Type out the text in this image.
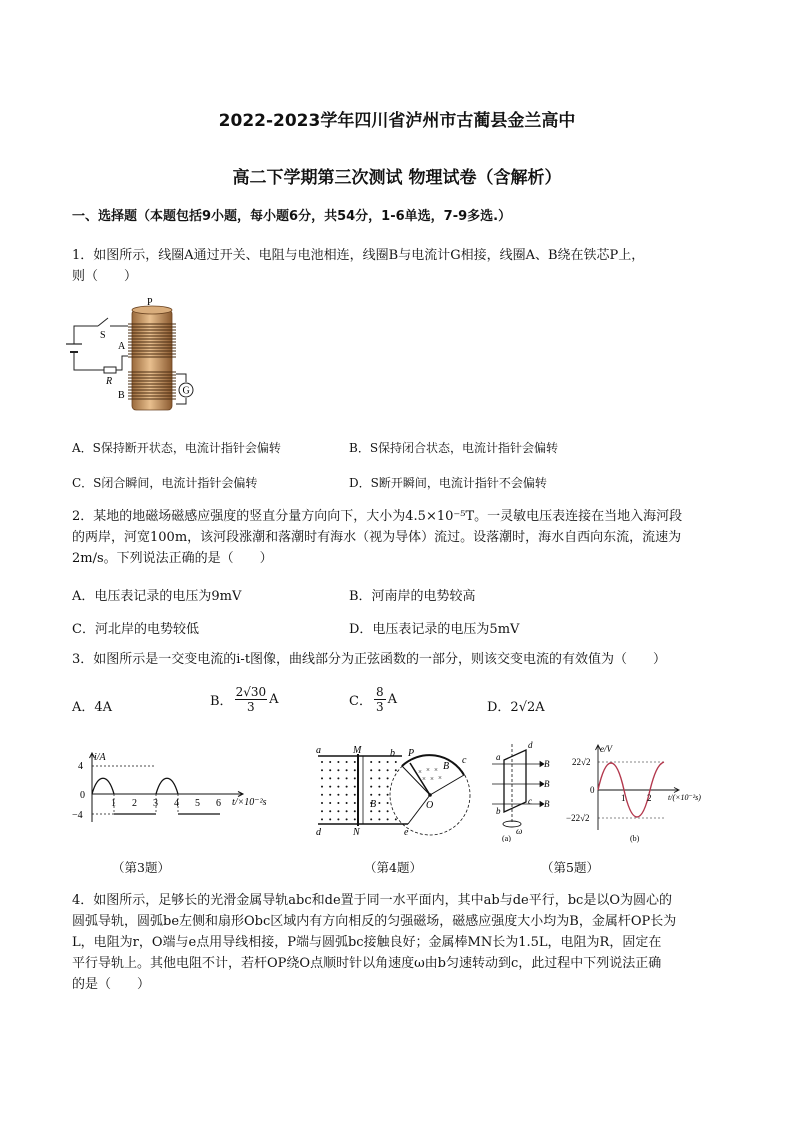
2022-2023学年四川省泸州市古蔺县金兰高中
高二下学期第三次测试 物理试卷（含解析）
一、选择题（本题包括9小题，每小题6分，共54分，1-6单选，7-9多选.）
1．如图所示，线圈A通过开关、电阻与电池相连，线圈B与电流计G相接，线圈A、B绕在铁芯P上，
则（　　）
G
P
S
A
R
B
A．S保持断开状态，电流计指针会偏转	B．S保持闭合状态，电流计指针会偏转
C．S闭合瞬间，电流计指针会偏转	D．S断开瞬间，电流计指针不会偏转
2．某地的地磁场磁感应强度的竖直分量方向向下，大小为4.5×10⁻⁵T。一灵敏电压表连接在当地入海河段
的两岸，河宽100m，该河段涨潮和落潮时有海水（视为导体）流过。设落潮时，海水自西向东流，流速为
2m/s。下列说法正确的是（　　）
A．电压表记录的电压为9mV	B．河南岸的电势较高
C．河北岸的电势较低	D．电压表记录的电压为5mV
3．如图所示是一交变电流的i-t图像，曲线部分为正弦函数的一部分，则该交变电流的有效值为（　　）
A．4A	B． $\frac{2√30}{3}$ A	C． $\frac{8}{3}$ A
D．2√2A
i/A
4
0
−4
1 2 3 4 5 6 t/×10⁻²s
× × ×
× × ×
a	M	b P
c
B
B	O
d	N	e
d
a
b
c
B
B
B
ω
(a)
e/V
22√2
0
−22√2
1 2 t/(×10⁻²s)
(b)
（第3题）	（第4题）	（第5题）
4．如图所示，足够长的光滑金属导轨abc和de置于同一水平面内，其中ab与de平行，bc是以O为圆心的
圆弧导轨，圆弧be左侧和扇形Obc区域内有方向相反的匀强磁场，磁感应强度大小均为B，金属杆OP长为
L，电阻为r，O端与e点用导线相接，P端与圆弧bc接触良好；金属棒MN长为1.5L，电阻为R，固定在
平行导轨上。其他电阻不计，若杆OP绕O点顺时针以角速度ω由b匀速转动到c，此过程中下列说法正确
的是（　　）
